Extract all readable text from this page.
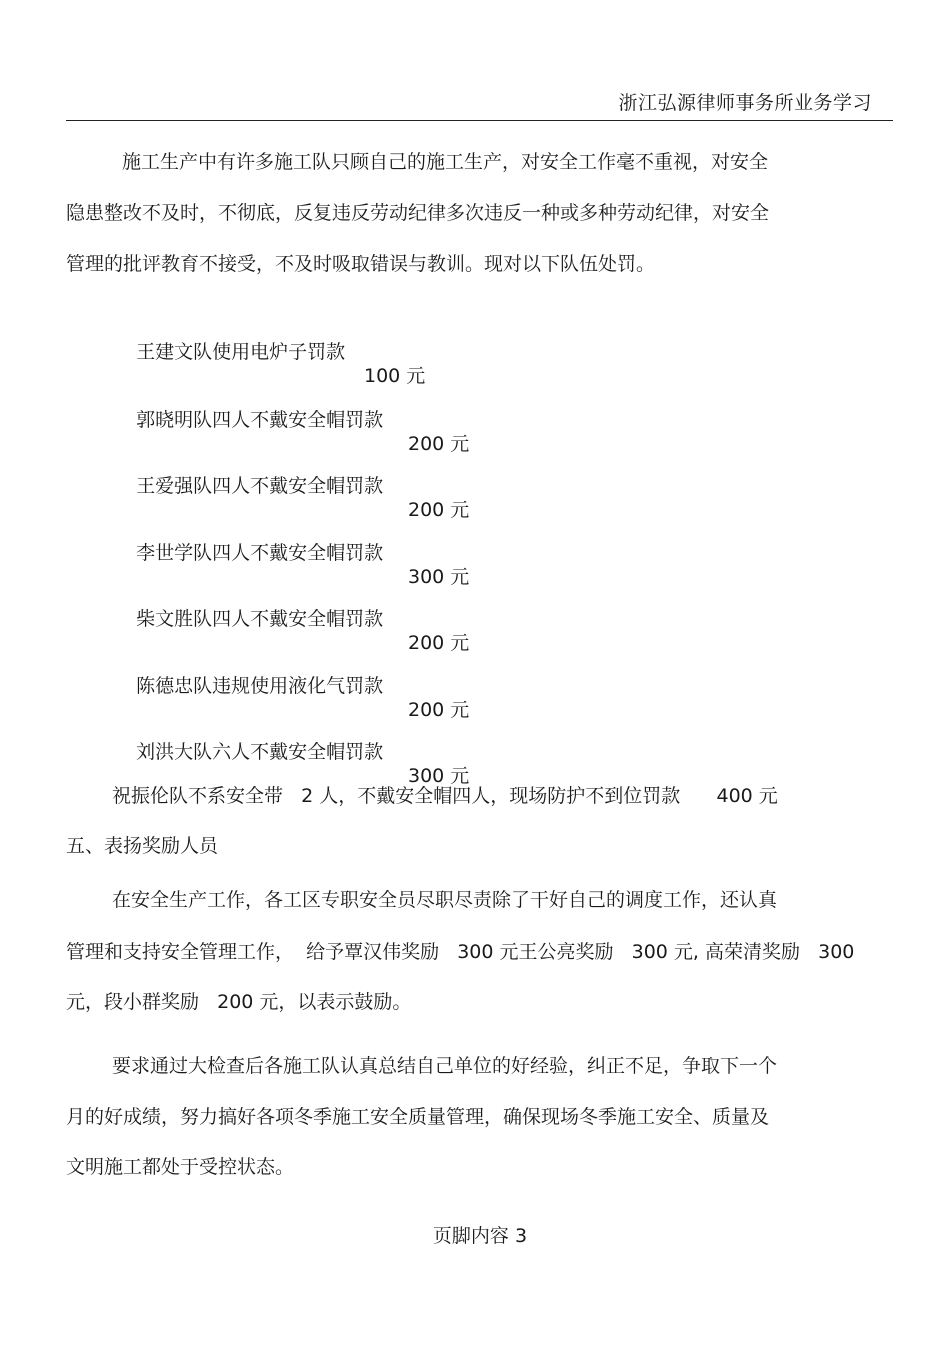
浙江弘源律师事务所业务学习
施工生产中有许多施工队只顾自己的施工生产，对安全工作毫不重视，对安全
隐患整改不及时，不彻底，反复违反劳动纪律多次违反一种或多种劳动纪律，对安全
管理的批评教育不接受，不及时吸取错误与教训。现对以下队伍处罚。

王建文队使用电炉子罚款

100 元

郭晓明队四人不戴安全帽罚款

200 元

王爱强队四人不戴安全帽罚款

200 元

李世学队四人不戴安全帽罚款

300 元

柴文胜队四人不戴安全帽罚款

200 元

陈德忠队违规使用液化气罚款

200 元

刘洪大队六人不戴安全帽罚款

300 元

祝振伦队不系安全带   2 人，不戴安全帽四人，现场防护不到位罚款      400 元
五、表扬奖励人员
在安全生产工作，各工区专职安全员尽职尽责除了干好自己的调度工作，还认真
管理和支持安全管理工作，  给予覃汉伟奖励   300 元王公亮奖励   300 元, 高荣清奖励   300
元，段小群奖励   200 元，以表示鼓励。
要求通过大检查后各施工队认真总结自己单位的好经验，纠正不足，争取下一个
月的好成绩，努力搞好各项冬季施工安全质量管理，确保现场冬季施工安全、质量及
文明施工都处于受控状态。
页脚内容 3
